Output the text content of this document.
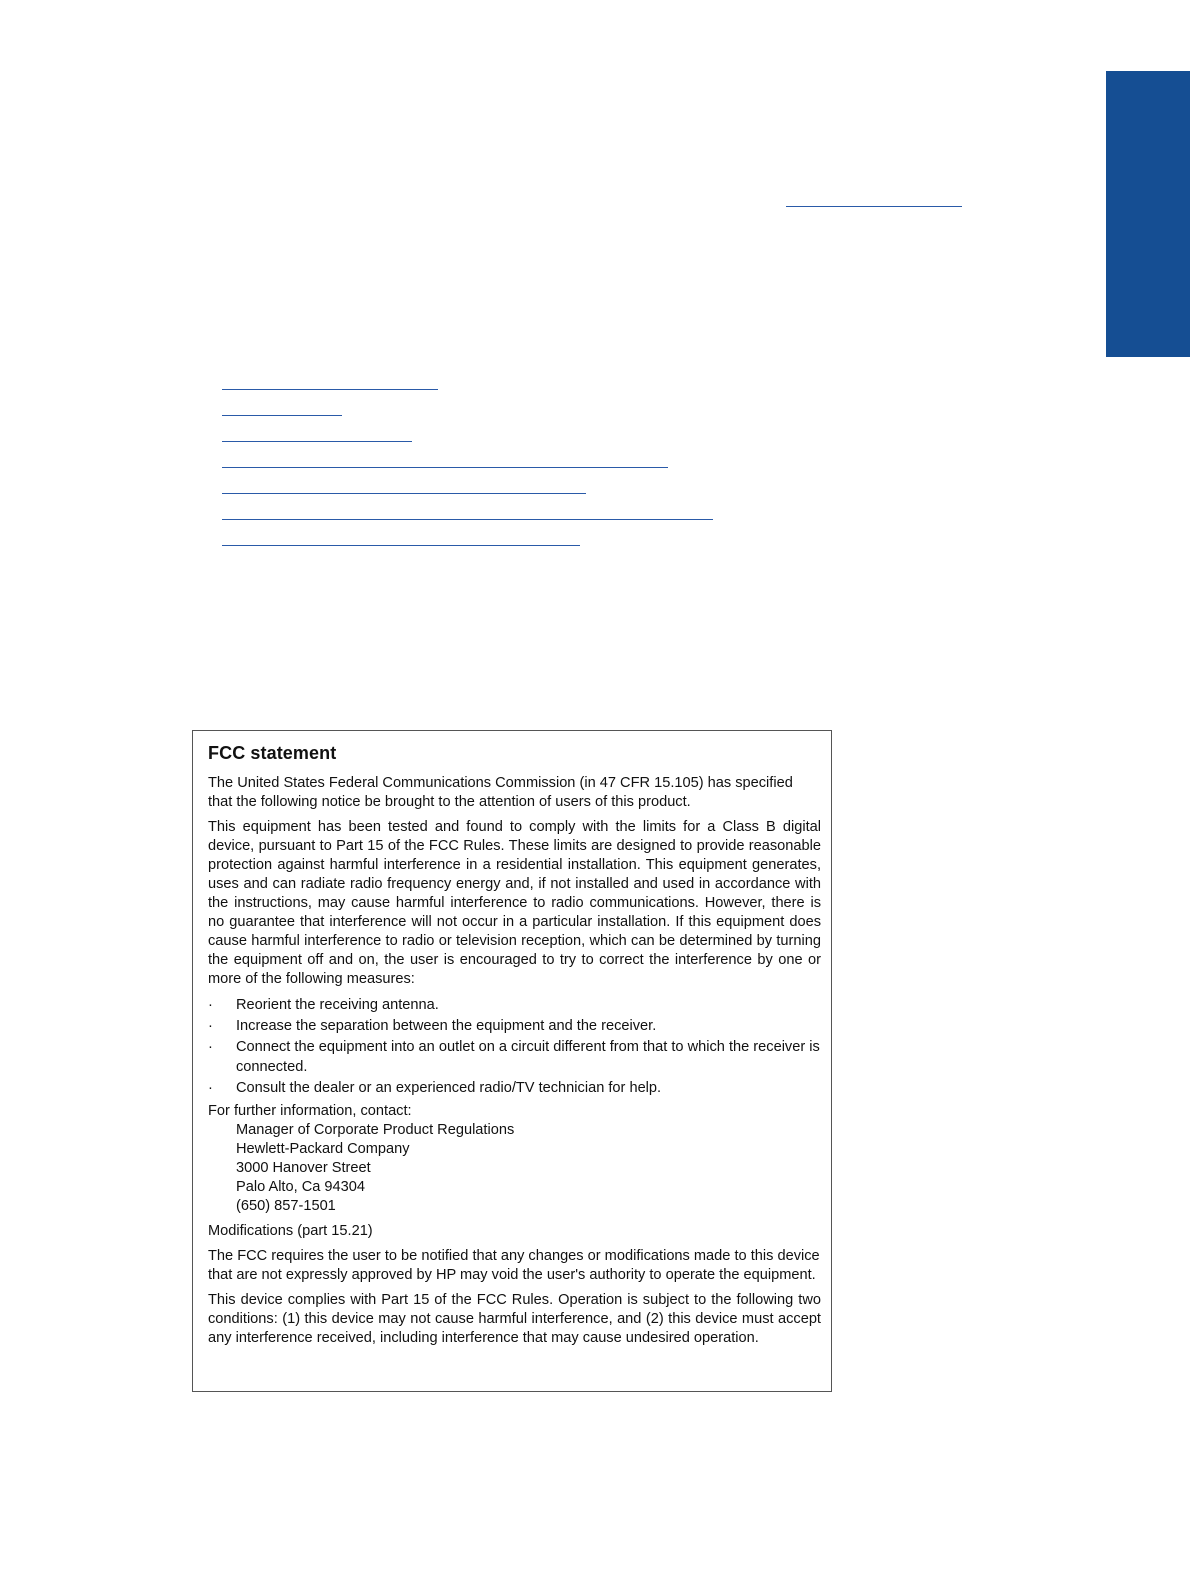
FCC statement

The United States Federal Communications Commission (in 47 CFR 15.105) has specified that the following notice be brought to the attention of users of this product.

This equipment has been tested and found to comply with the limits for a Class B digital device, pursuant to Part 15 of the FCC Rules. These limits are designed to provide reasonable protection against harmful interference in a residential installation. This equipment generates, uses and can radiate radio frequency energy and, if not installed and used in accordance with the instructions, may cause harmful interference to radio communications. However, there is no guarantee that interference will not occur in a particular installation. If this equipment does cause harmful interference to radio or television reception, which can be determined by turning the equipment off and on, the user is encouraged to try to correct the interference by one or more of the following measures:

· Reorient the receiving antenna.
· Increase the separation between the equipment and the receiver.
· Connect the equipment into an outlet on a circuit different from that to which the receiver is connected.
· Consult the dealer or an experienced radio/TV technician for help.

For further information, contact:

Manager of Corporate Product Regulations
Hewlett-Packard Company
3000 Hanover Street
Palo Alto, Ca 94304
(650) 857-1501

Modifications (part 15.21)

The FCC requires the user to be notified that any changes or modifications made to this device that are not expressly approved by HP may void the user's authority to operate the equipment.

This device complies with Part 15 of the FCC Rules. Operation is subject to the following two conditions: (1) this device may not cause harmful interference, and (2) this device must accept any interference received, including interference that may cause undesired operation.
